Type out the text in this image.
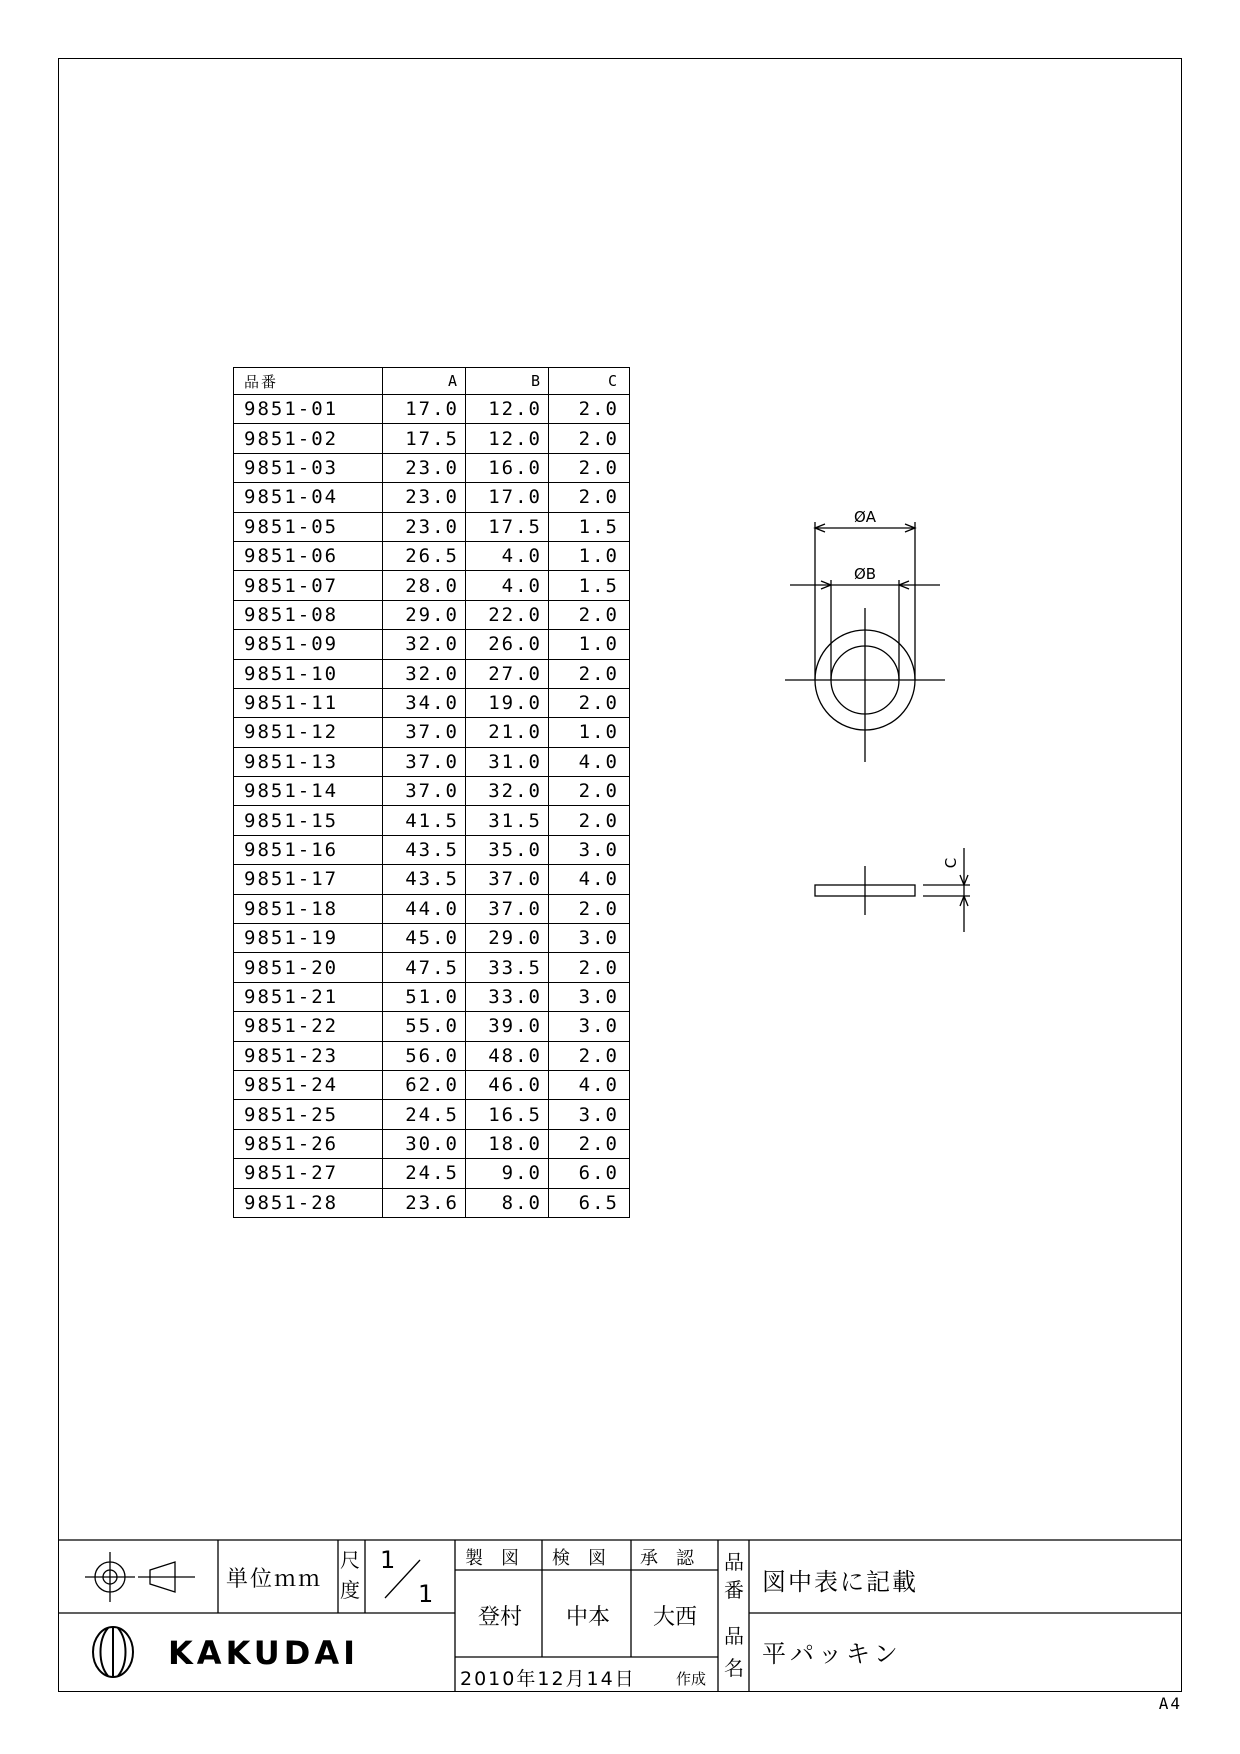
品番	A	B	C
9851-01	17.0	12.0	2.0
9851-02	17.5	12.0	2.0
9851-03	23.0	16.0	2.0
9851-04	23.0	17.0	2.0
9851-05	23.0	17.5	1.5
9851-06	26.5	4.0	1.0
9851-07	28.0	4.0	1.5
9851-08	29.0	22.0	2.0
9851-09	32.0	26.0	1.0
9851-10	32.0	27.0	2.0
9851-11	34.0	19.0	2.0
9851-12	37.0	21.0	1.0
9851-13	37.0	31.0	4.0
9851-14	37.0	32.0	2.0
9851-15	41.5	31.5	2.0
9851-16	43.5	35.0	3.0
9851-17	43.5	37.0	4.0
9851-18	44.0	37.0	2.0
9851-19	45.0	29.0	3.0
9851-20	47.5	33.5	2.0
9851-21	51.0	33.0	3.0
9851-22	55.0	39.0	3.0
9851-23	56.0	48.0	2.0
9851-24	62.0	46.0	4.0
9851-25	24.5	16.5	3.0
9851-26	30.0	18.0	2.0
9851-27	24.5	9.0	6.0
9851-28	23.6	8.0	6.5
ØA
ØB
C
単位ｍｍ
尺
度
1
1
製　図 検　図 承　認
登村 中本 大西
2010年12月14日	作成
品
番 図中表に記載
品
名 平パッキン
KAKUDAI
A4
